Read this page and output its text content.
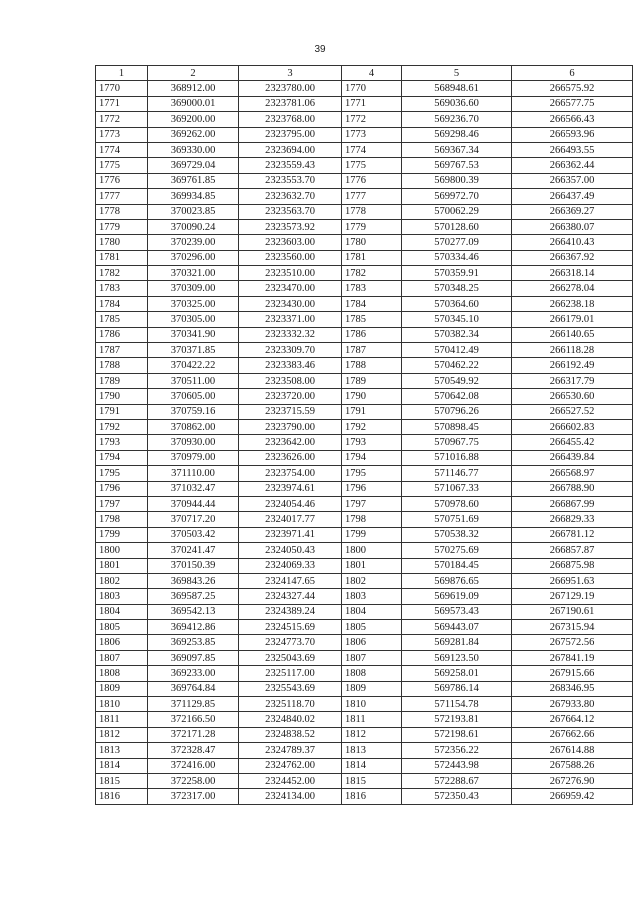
39
1	2	3	4	5	6
1770	368912.00	2323780.00	1770	568948.61	266575.92
1771	369000.01	2323781.06	1771	569036.60	266577.75
1772	369200.00	2323768.00	1772	569236.70	266566.43
1773	369262.00	2323795.00	1773	569298.46	266593.96
1774	369330.00	2323694.00	1774	569367.34	266493.55
1775	369729.04	2323559.43	1775	569767.53	266362.44
1776	369761.85	2323553.70	1776	569800.39	266357.00
1777	369934.85	2323632.70	1777	569972.70	266437.49
1778	370023.85	2323563.70	1778	570062.29	266369.27
1779	370090.24	2323573.92	1779	570128.60	266380.07
1780	370239.00	2323603.00	1780	570277.09	266410.43
1781	370296.00	2323560.00	1781	570334.46	266367.92
1782	370321.00	2323510.00	1782	570359.91	266318.14
1783	370309.00	2323470.00	1783	570348.25	266278.04
1784	370325.00	2323430.00	1784	570364.60	266238.18
1785	370305.00	2323371.00	1785	570345.10	266179.01
1786	370341.90	2323332.32	1786	570382.34	266140.65
1787	370371.85	2323309.70	1787	570412.49	266118.28
1788	370422.22	2323383.46	1788	570462.22	266192.49
1789	370511.00	2323508.00	1789	570549.92	266317.79
1790	370605.00	2323720.00	1790	570642.08	266530.60
1791	370759.16	2323715.59	1791	570796.26	266527.52
1792	370862.00	2323790.00	1792	570898.45	266602.83
1793	370930.00	2323642.00	1793	570967.75	266455.42
1794	370979.00	2323626.00	1794	571016.88	266439.84
1795	371110.00	2323754.00	1795	571146.77	266568.97
1796	371032.47	2323974.61	1796	571067.33	266788.90
1797	370944.44	2324054.46	1797	570978.60	266867.99
1798	370717.20	2324017.77	1798	570751.69	266829.33
1799	370503.42	2323971.41	1799	570538.32	266781.12
1800	370241.47	2324050.43	1800	570275.69	266857.87
1801	370150.39	2324069.33	1801	570184.45	266875.98
1802	369843.26	2324147.65	1802	569876.65	266951.63
1803	369587.25	2324327.44	1803	569619.09	267129.19
1804	369542.13	2324389.24	1804	569573.43	267190.61
1805	369412.86	2324515.69	1805	569443.07	267315.94
1806	369253.85	2324773.70	1806	569281.84	267572.56
1807	369097.85	2325043.69	1807	569123.50	267841.19
1808	369233.00	2325117.00	1808	569258.01	267915.66
1809	369764.84	2325543.69	1809	569786.14	268346.95
1810	371129.85	2325118.70	1810	571154.78	267933.80
1811	372166.50	2324840.02	1811	572193.81	267664.12
1812	372171.28	2324838.52	1812	572198.61	267662.66
1813	372328.47	2324789.37	1813	572356.22	267614.88
1814	372416.00	2324762.00	1814	572443.98	267588.26
1815	372258.00	2324452.00	1815	572288.67	267276.90
1816	372317.00	2324134.00	1816	572350.43	266959.42
